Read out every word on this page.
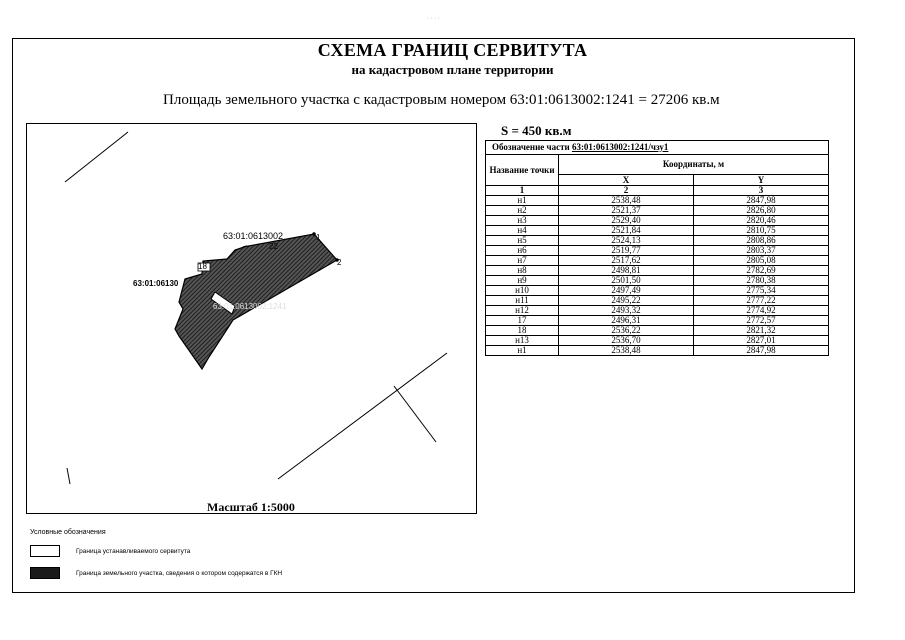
· · · ·
СХЕМА ГРАНИЦ СЕРВИТУТА
на кадастровом плане территории
Площадь земельного участка с кадастровым номером 63:01:0613002:1241 = 27206 кв.м
63:01:0613002	1
2
22
18
63:01:06130
63:01:0613002:1241
Масштаб 1:5000
S = 450 кв.м
Обозначение части 63:01:0613002:1241/чзу1		
Название точки	Координаты, м	
	X	Y
1	2	3
н1	2538,48	2847,98
н2	2521,37	2826,80
н3	2529,40	2820,46
н4	2521,84	2810,75
н5	2524,13	2808,86
н6	2519,77	2803,37
н7	2517,62	2805,08
н8	2498,81	2782,69
н9	2501,50	2780,38
н10	2497,49	2775,34
н11	2495,22	2777,22
н12	2493,32	2774,92
17	2496,31	2772,57
18	2536,22	2821,32
н13	2536,70	2827,01
н1	2538,48	2847,98
Условные обозначения
Граница устанавливаемого сервитута
Граница земельного участка, сведения о котором содержатся в ГКН
